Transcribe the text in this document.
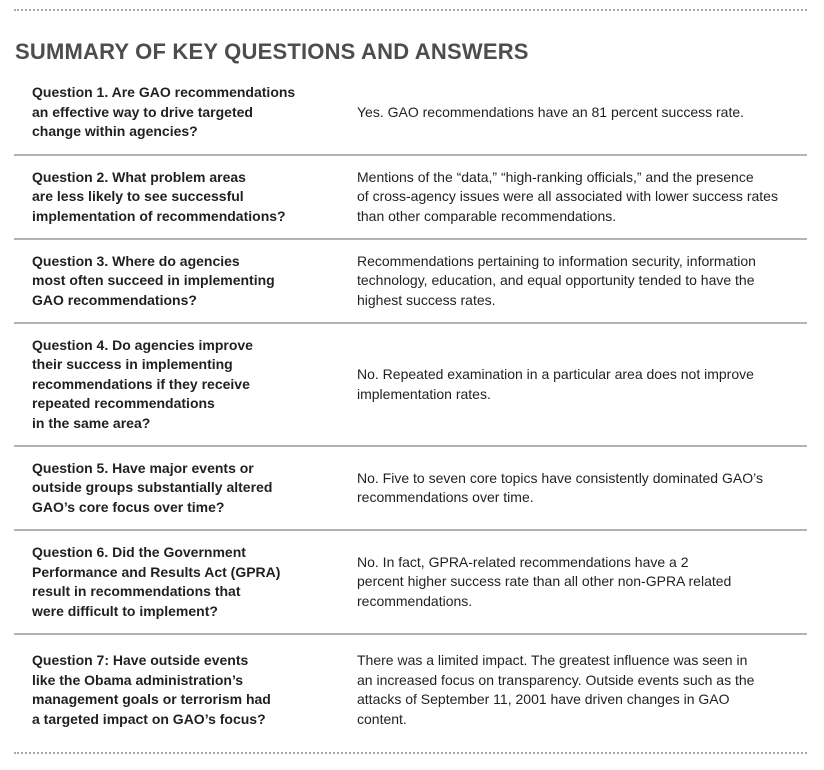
SUMMARY OF KEY QUESTIONS AND ANSWERS
Question 1. Are GAO recommendations
an effective way to drive targeted
change within agencies?
Yes. GAO recommendations have an 81 percent success rate.
Question 2. What problem areas
are less likely to see successful
implementation of recommendations?
Mentions of the “data,” “high-ranking officials,” and the presence
of cross-agency issues were all associated with lower success rates
than other comparable recommendations.
Question 3. Where do agencies
most often succeed in implementing
GAO recommendations?
Recommendations pertaining to information security, information
technology, education, and equal opportunity tended to have the
highest success rates.
Question 4. Do agencies improve
their success in implementing
recommendations if they receive
repeated recommendations
in the same area?
No. Repeated examination in a particular area does not improve
implementation rates.
Question 5. Have major events or
outside groups substantially altered
GAO’s core focus over time?
No. Five to seven core topics have consistently dominated GAO’s
recommendations over time.
Question 6. Did the Government
Performance and Results Act (GPRA)
result in recommendations that
were difficult to implement?
No. In fact, GPRA-related recommendations have a 2
percent higher success rate than all other non-GPRA related
recommendations.
Question 7: Have outside events
like the Obama administration’s
management goals or terrorism had
a targeted impact on GAO’s focus?
There was a limited impact. The greatest influence was seen in
an increased focus on transparency. Outside events such as the
attacks of September 11, 2001 have driven changes in GAO
content.
